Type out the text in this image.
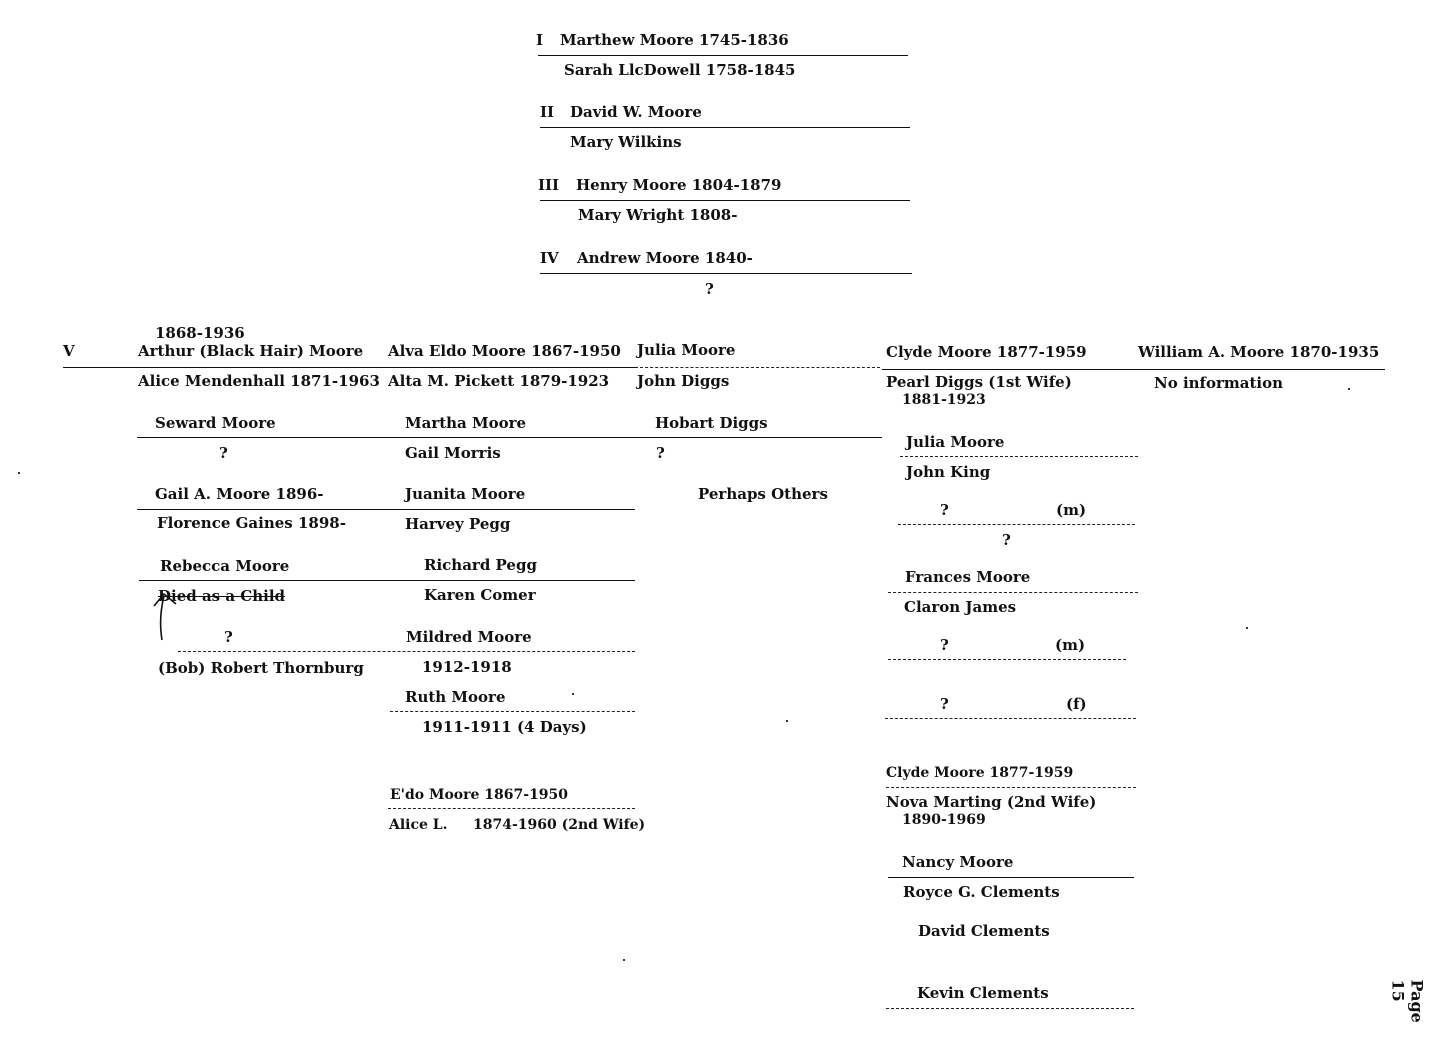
I Marthew Moore 1745-1836
Sarah LlcDowell 1758-1845
II David W. Moore
Mary Wilkins
III Henry Moore 1804-1879
Mary Wright 1808-
IV Andrew Moore 1840-
?
V
1868-1936
Arthur (Black Hair) Moore
Alice Mendenhall 1871-1963
Seward Moore
?
Gail A. Moore 1896-
Florence Gaines 1898-
Rebecca Moore
Died as a Child
?
(Bob) Robert Thornburg
Alva Eldo Moore 1867-1950
Alta M. Pickett 1879-1923
Martha Moore
Gail Morris
Juanita Moore
Harvey Pegg
Richard Pegg
Karen Comer
Mildred Moore
1912-1918
Ruth Moore
1911-1911 (4 Days)
E'do Moore 1867-1950
Alice L. 1874-1960 (2nd Wife)
Julia Moore
John Diggs
Hobart Diggs
?
Perhaps Others
Clyde Moore 1877-1959
Pearl Diggs (1st Wife)
1881-1923
Julia Moore
John King
?	(m)
?
Frances Moore
Claron James
?	(m)
?	(f)
Clyde Moore 1877-1959
Nova Marting (2nd Wife)
1890-1969
Nancy Moore
Royce G. Clements
David Clements
Kevin Clements
William A. Moore 1870-1935
No information
Page 15
